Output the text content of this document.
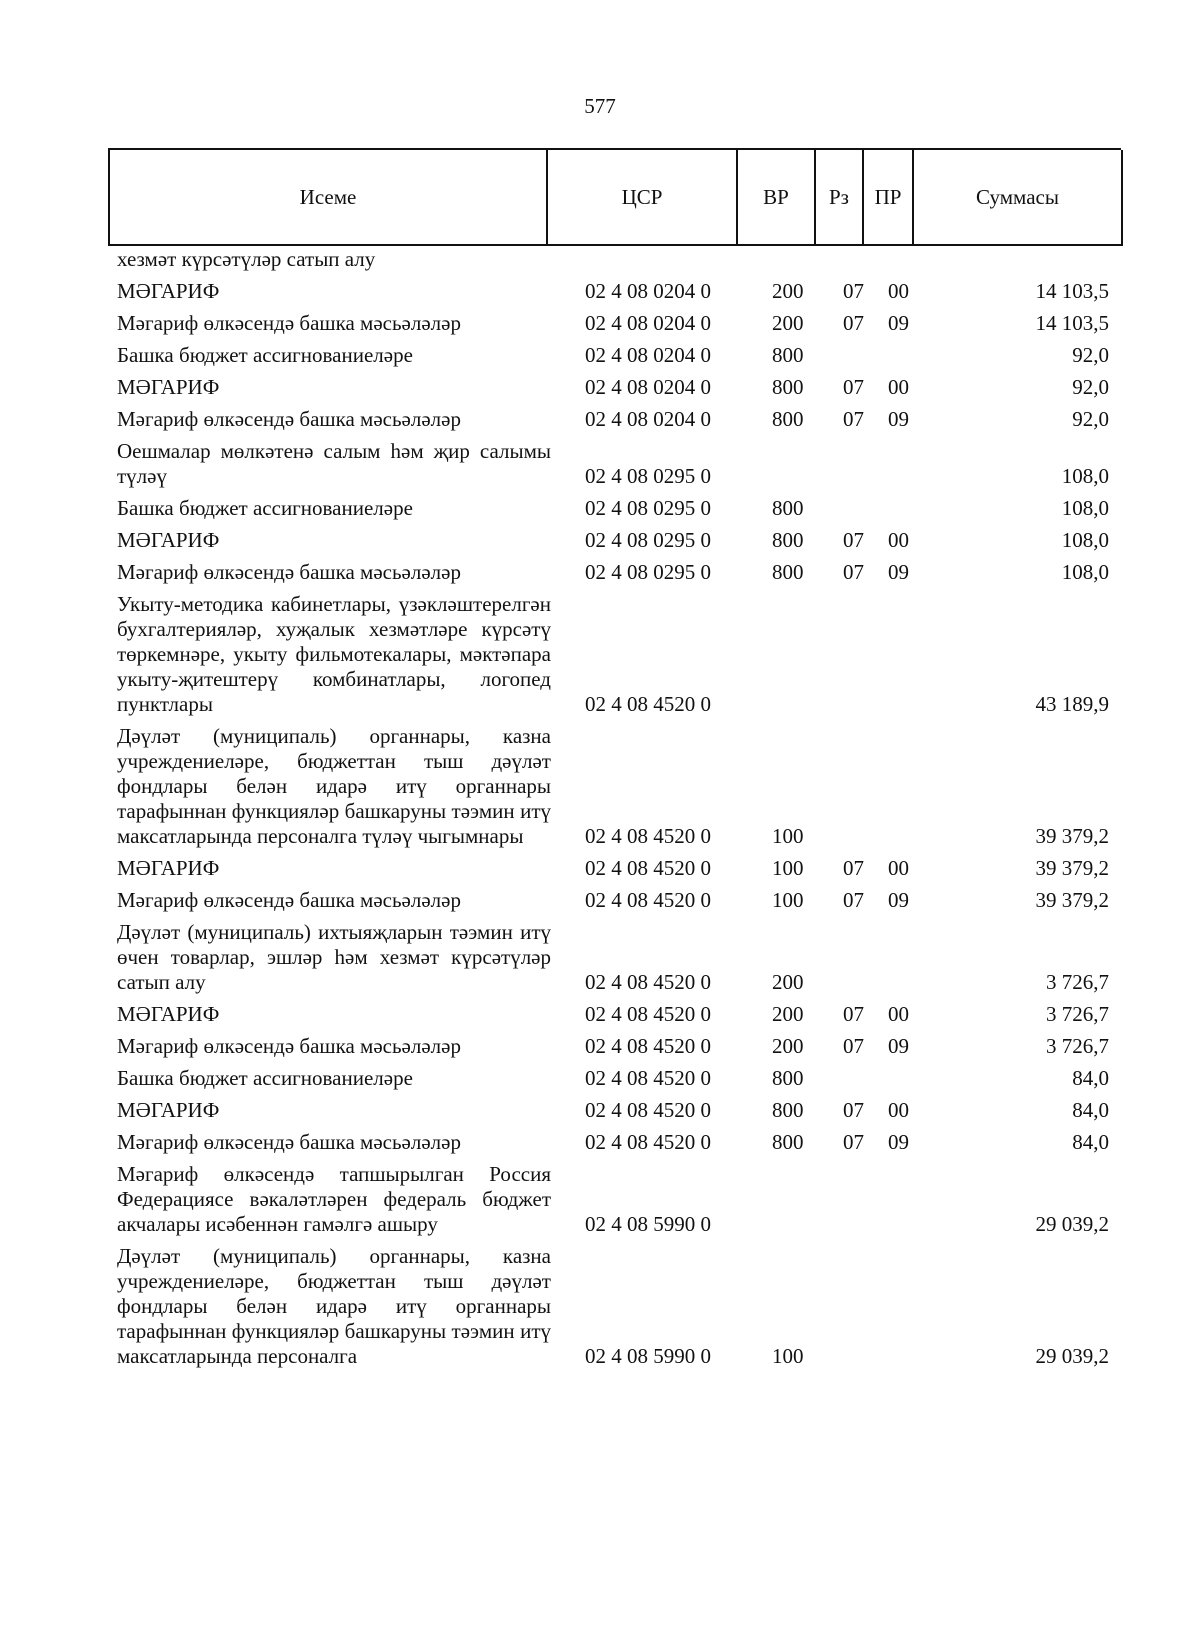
577
Исеме	ЦСР	ВР	Рз	ПР	Суммасы
хезмәт күрсәтүләр сатып алу
МӘГАРИФ	02 4 08 0204 0	200 07 00	14 103,5
Мәгариф өлкәсендә башка мәсьәләләр	02 4 08 0204 0	200 07 09	14 103,5
Башка бюджет ассигнованиеләре	02 4 08 0204 0	800	92,0
МӘГАРИФ	02 4 08 0204 0	800 07 00	92,0
Мәгариф өлкәсендә башка мәсьәләләр	02 4 08 0204 0	800 07 09	92,0
Оешмалар мөлкәтенә салым һәм җир салымы түләү	02 4 08 0295 0	108,0
Башка бюджет ассигнованиеләре	02 4 08 0295 0	800	108,0
МӘГАРИФ	02 4 08 0295 0	800 07 00	108,0
Мәгариф өлкәсендә башка мәсьәләләр	02 4 08 0295 0	800 07 09	108,0
Укыту-методика кабинетлары, үзәкләштерелгән бухгалтерияләр, хуҗалык хезмәтләре күрсәтү төркемнәре, укыту фильмотекалары, мәктәпара укыту-җитештерү комбинатлары, логопед пунктлары	02 4 08 4520 0	43 189,9
Дәүләт (муниципаль) органнары, казна учреждениеләре, бюджеттан тыш дәүләт фондлары белән идарә итү органнары тарафыннан функцияләр башкаруны тәэмин итү максатларында персоналга түләү чыгымнары	02 4 08 4520 0	100	39 379,2
МӘГАРИФ	02 4 08 4520 0	100 07 00	39 379,2
Мәгариф өлкәсендә башка мәсьәләләр	02 4 08 4520 0	100 07 09	39 379,2
Дәүләт (муниципаль) ихтыяҗларын тәэмин итү өчен товарлар, эшләр һәм хезмәт күрсәтүләр сатып алу	02 4 08 4520 0	200	3 726,7
МӘГАРИФ	02 4 08 4520 0	200 07 00	3 726,7
Мәгариф өлкәсендә башка мәсьәләләр	02 4 08 4520 0	200 07 09	3 726,7
Башка бюджет ассигнованиеләре	02 4 08 4520 0	800	84,0
МӘГАРИФ	02 4 08 4520 0	800 07 00	84,0
Мәгариф өлкәсендә башка мәсьәләләр	02 4 08 4520 0	800 07 09	84,0
Мәгариф өлкәсендә тапшырылган Россия Федерациясе вәкаләтләрен федераль бюджет акчалары исәбеннән гамәлгә ашыру	02 4 08 5990 0	29 039,2
Дәүләт (муниципаль) органнары, казна учреждениеләре, бюджеттан тыш дәүләт фондлары белән идарә итү органнары тарафыннан функцияләр башкаруны тәэмин итү максатларында персоналга	02 4 08 5990 0	100	29 039,2
